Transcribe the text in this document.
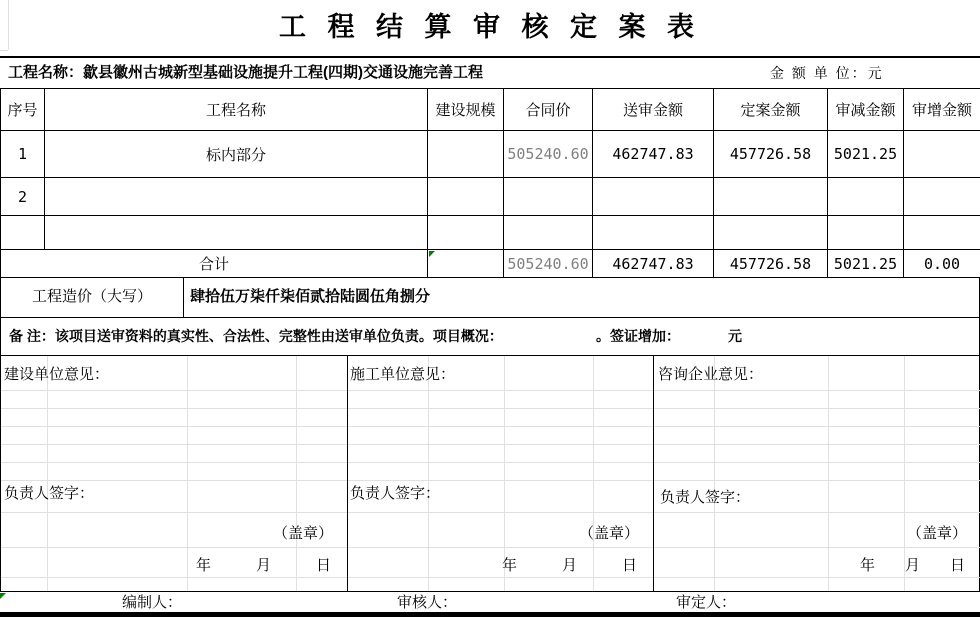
工 程 结 算 审 核 定 案 表
工程名称：歙县徽州古城新型基础设施提升工程(四期)交通设施完善工程	金 额 单 位：元
序号	工程名称	建设规模	合同价	送审金额	定案金额	审减金额	审增金额
1	标内部分		505240.60	462747.83	457726.58	5021.25	
2							

合计			505240.60	462747.83	457726.58	5021.25	0.00
工程造价（大写）	肆拾伍万柒仟柒佰贰拾陆圆伍角捌分
备 注：该项目送审资料的真实性、合法性、完整性由送审单位负责。项目概况：	。签证增加：	元
建设单位意见：
负责人签字：
（盖章）
年　　　月　　　日
施工单位意见：
负责人签字：
（盖章）
年　　　月　　　日
咨询企业意见：
负责人签字：
（盖章）
年　　月　　日
编制人：	审核人：	审定人：
